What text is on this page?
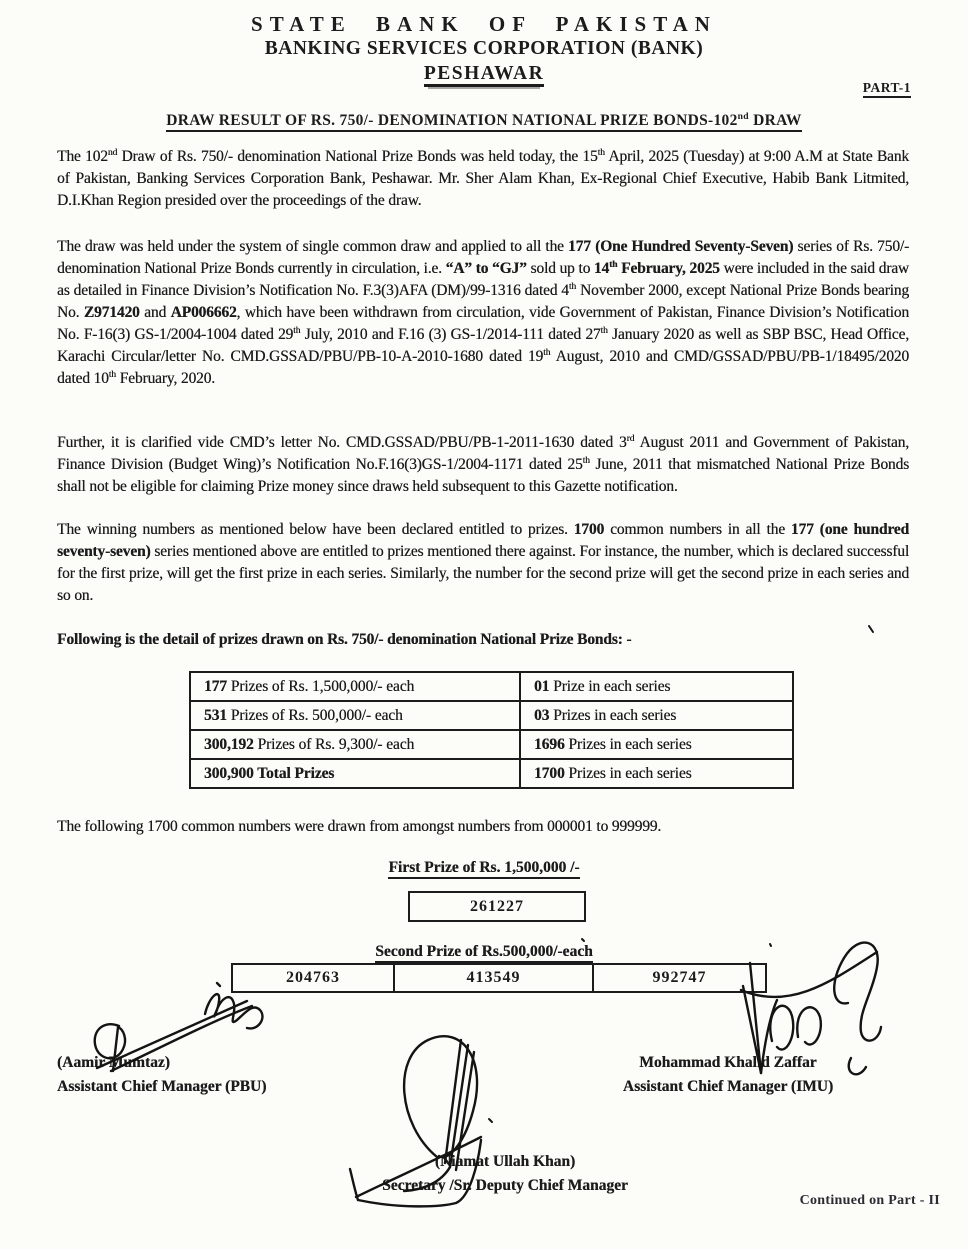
STATE BANK OF PAKISTAN
BANKING SERVICES CORPORATION (BANK)
PESHAWAR
PART-1
DRAW RESULT OF RS. 750/- DENOMINATION NATIONAL PRIZE BONDS-102nd DRAW
The 102nd Draw of Rs. 750/- denomination National Prize Bonds was held today, the 15th April, 2025 (Tuesday) at 9:00 A.M at State Bank of Pakistan, Banking Services Corporation Bank, Peshawar. Mr. Sher Alam Khan, Ex-Regional Chief Executive, Habib Bank Litmited, D.I.Khan Region presided over the proceedings of the draw.
The draw was held under the system of single common draw and applied to all the 177 (One Hundred Seventy-Seven) series of Rs. 750/- denomination National Prize Bonds currently in circulation, i.e. “A” to “GJ” sold up to 14th February, 2025 were included in the said draw as detailed in Finance Division’s Notification No. F.3(3)AFA (DM)/99-1316 dated 4th November 2000, except National Prize Bonds bearing No. Z971420 and AP006662, which have been withdrawn from circulation, vide Government of Pakistan, Finance Division’s Notification No. F-16(3) GS-1/2004-1004 dated 29th July, 2010 and F.16 (3) GS-1/2014-111 dated 27th January 2020 as well as SBP BSC, Head Office, Karachi Circular/letter No. CMD.GSSAD/PBU/PB-10-A-2010-1680 dated 19th August, 2010 and CMD/GSSAD/PBU/PB-1/18495/2020 dated 10th February, 2020.
Further, it is clarified vide CMD’s letter No. CMD.GSSAD/PBU/PB-1-2011-1630 dated 3rd August 2011 and Government of Pakistan, Finance Division (Budget Wing)’s Notification No.F.16(3)GS-1/2004-1171 dated 25th June, 2011 that mismatched National Prize Bonds shall not be eligible for claiming Prize money since draws held subsequent to this Gazette notification.
The winning numbers as mentioned below have been declared entitled to prizes. 1700 common numbers in all the 177 (one hundred seventy-seven) series mentioned above are entitled to prizes mentioned there against. For instance, the number, which is declared successful for the first prize, will get the first prize in each series. Similarly, the number for the second prize will get the second prize in each series and so on.
Following is the detail of prizes drawn on Rs. 750/- denomination National Prize Bonds: -
177 Prizes of Rs. 1,500,000/- each	01 Prize in each series
531 Prizes of Rs. 500,000/- each	03 Prizes in each series
300,192 Prizes of Rs. 9,300/- each	1696 Prizes in each series
300,900 Total Prizes	1700 Prizes in each series
The following 1700 common numbers were drawn from amongst numbers from 000001 to 999999.
First Prize of Rs. 1,500,000 /-
261227
Second Prize of Rs.500,000/-each
204763	413549	992747
(Aamir Mumtaz)
Assistant Chief Manager (PBU)
Mohammad Khalid Zaffar
Assistant Chief Manager (IMU)
(Niamat Ullah Khan)
Secretary /Sr. Deputy Chief Manager
Continued on Part - II
